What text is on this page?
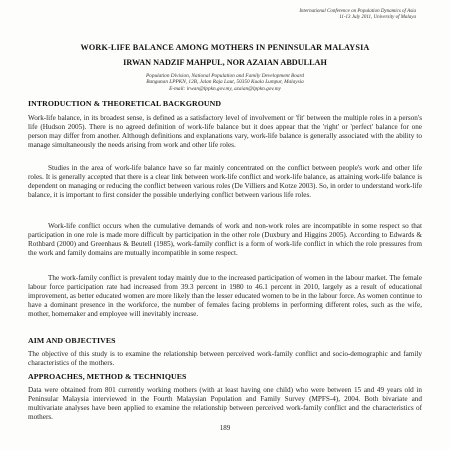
International Conference on Population Dynamics of Asia
11-13 July 2011, University of Malaya
WORK-LIFE BALANCE AMONG MOTHERS IN PENINSULAR MALAYSIA
IRWAN NADZIF MAHPUL, NOR AZAIAN ABDULLAH
Population Division, National Population and Family Development Board
Bangunan LPPKN, 12B, Jalan Raja Laut, 50350 Kuala Lumpur, Malaysia
E-mail: irwan@lppkn.gov.my, azaian@lppkn.gov.my
INTRODUCTION & THEORETICAL BACKGROUND

Work-life balance, in its broadest sense, is defined as a satisfactory level of involvement or 'fit' between the multiple roles in a person's life (Hudson 2005). There is no agreed definition of work-life balance but it does appear that the 'right' or 'perfect' balance for one person may differ from another. Although definitions and explanations vary, work-life balance is generally associated with the ability to manage simultaneously the needs arising from work and other life roles.

Studies in the area of work-life balance have so far mainly concentrated on the conflict between people's work and other life roles. It is generally accepted that there is a clear link between work-life conflict and work-life balance, as attaining work-life balance is dependent on managing or reducing the conflict between various roles (De Villiers and Kotze 2003). So, in order to understand work-life balance, it is important to first consider the possible underlying conflict between various life roles.

Work-life conflict occurs when the cumulative demands of work and non-work roles are incompatible in some respect so that participation in one role is made more difficult by participation in the other role (Duxbury and Higgins 2005). According to Edwards & Rothbard (2000) and Greenhaus & Beutell (1985), work-family conflict is a form of work-life conflict in which the role pressures from the work and family domains are mutually incompatible in some respect.

The work-family conflict is prevalent today mainly due to the increased participation of women in the labour market. The female labour force participation rate had increased from 39.3 percent in 1980 to 46.1 percent in 2010, largely as a result of educational improvement, as better educated women are more likely than the lesser educated women to be in the labour force. As women continue to have a dominant presence in the workforce, the number of females facing problems in performing different roles, such as the wife, mother, homemaker and employee will inevitably increase.

AIM AND OBJECTIVES

The objective of this study is to examine the relationship between perceived work-family conflict and socio-demographic and family characteristics of the mothers.

APPROACHES, METHOD & TECHNIQUES

Data were obtained from 801 currently working mothers (with at least having one child) who were between 15 and 49 years old in Peninsular Malaysia interviewed in the Fourth Malaysian Population and Family Survey (MPFS-4), 2004. Both bivariate and multivariate analyses have been applied to examine the relationship between perceived work-family conflict and the characteristics of mothers.

189
